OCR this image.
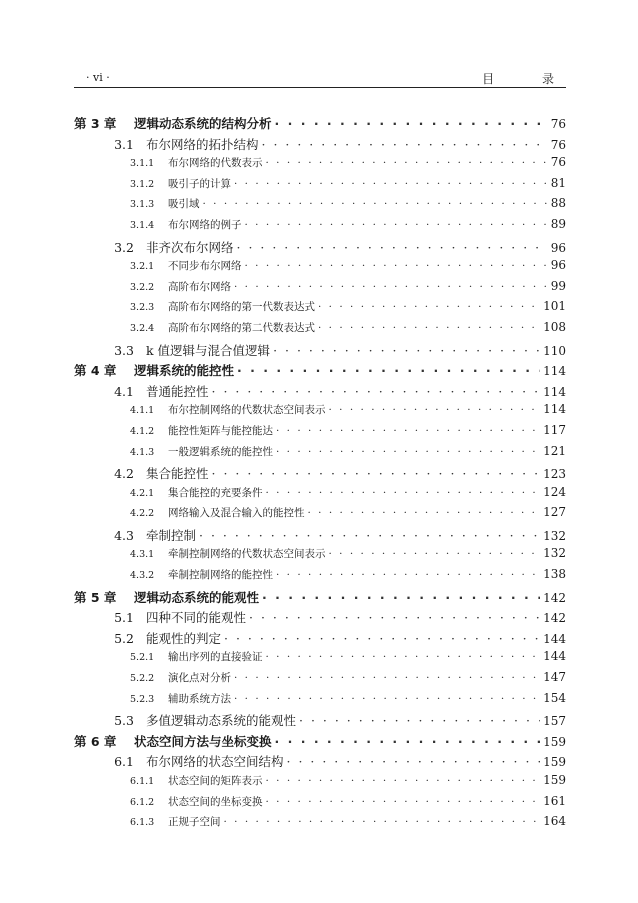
· vi ·	目 录
第 3 章	逻辑动态系统的结构分析 · · ·	76
3.1 布尔网络的拓扑结构 · · ·	76
3.1.1	布尔网络的代数表示 · · ·	76
3.1.2	吸引子的计算 · · ·	81
3.1.3	吸引域 · · ·	88
3.1.4	布尔网络的例子 · · ·	89
3.2 非齐次布尔网络 · · ·	96
3.2.1	不同步布尔网络 · · ·	96
3.2.2	高阶布尔网络 · · ·	99
3.2.3	高阶布尔网络的第一代数表达式 · · ·	101
3.2.4	高阶布尔网络的第二代数表达式 · · ·	108
3.3 k 值逻辑与混合值逻辑 · · ·	110
第 4 章	逻辑系统的能控性 · · ·	114
4.1 普通能控性 · · ·	114
4.1.1	布尔控制网络的代数状态空间表示 · · ·	114
4.1.2	能控性矩阵与能控能达 · · ·	117
4.1.3	一般逻辑系统的能控性 · · ·	121
4.2 集合能控性 · · ·	123
4.2.1	集合能控的充要条件 · · ·	124
4.2.2	网络输入及混合输入的能控性 · · ·	127
4.3 牵制控制 · · ·	132
4.3.1	牵制控制网络的代数状态空间表示 · · ·	132
4.3.2	牵制控制网络的能控性 · · ·	138
第 5 章	逻辑动态系统的能观性 · · ·	142
5.1 四种不同的能观性 · · ·	142
5.2 能观性的判定 · · ·	144
5.2.1	输出序列的直接验证 · · ·	144
5.2.2	演化点对分析 · · ·	147
5.2.3	辅助系统方法 · · ·	154
5.3 多值逻辑动态系统的能观性 · · ·	157
第 6 章	状态空间方法与坐标变换 · · ·	159
6.1 布尔网络的状态空间结构 · · ·	159
6.1.1	状态空间的矩阵表示 · · ·	159
6.1.2	状态空间的坐标变换 · · ·	161
6.1.3	正规子空间 · · ·	164
